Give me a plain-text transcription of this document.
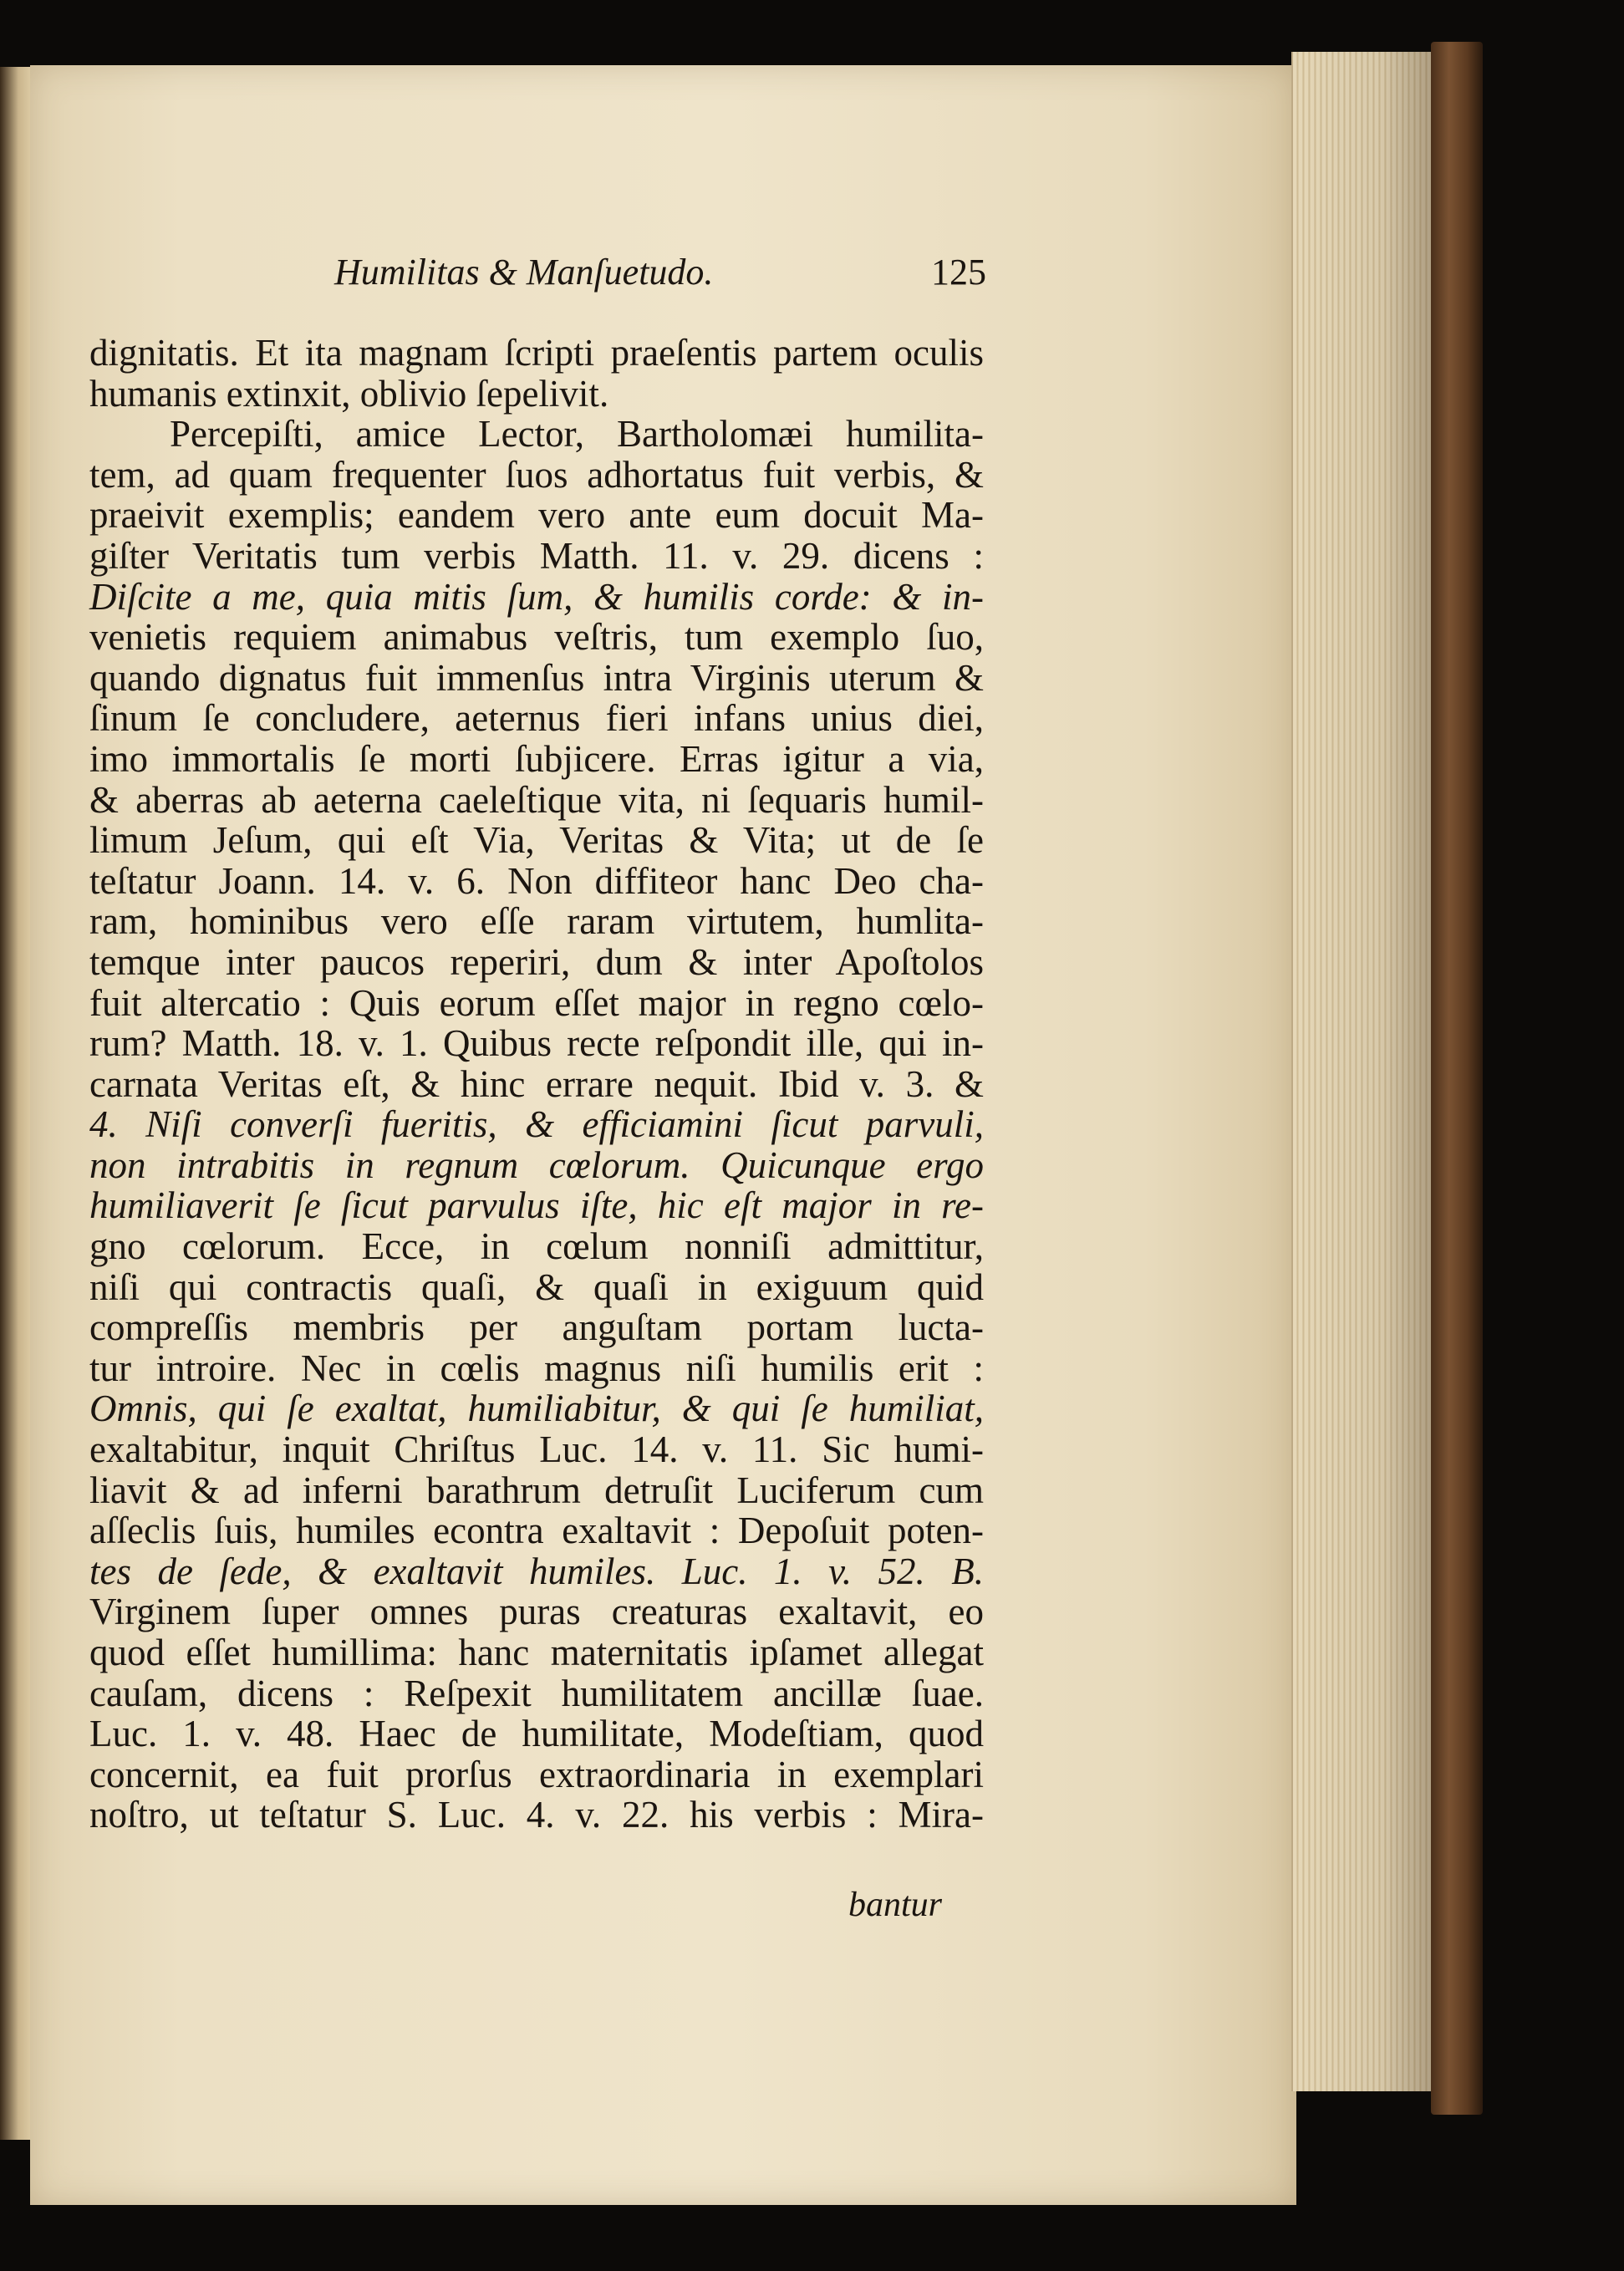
Humilitas & Manſuetudo.	125
dignitatis. Et ita magnam ſcripti praeſentis partem oculis
humanis extinxit, oblivio ſepelivit.
Percepiſti, amice Lector, Bartholomæi humilita-
tem, ad quam frequenter ſuos adhortatus fuit verbis, &
praeivit exemplis; eandem vero ante eum docuit Ma-
giſter Veritatis tum verbis Matth. 11. v. 29. dicens :
Diſcite a me, quia mitis ſum, & humilis corde: & in-
venietis requiem animabus veſtris, tum exemplo ſuo,
quando dignatus fuit immenſus intra Virginis uterum &
ſinum ſe concludere, aeternus fieri infans unius diei,
imo immortalis ſe morti ſubjicere. Erras igitur a via,
& aberras ab aeterna caeleſtique vita, ni ſequaris humil-
limum Jeſum, qui eſt Via, Veritas & Vita; ut de ſe
teſtatur Joann. 14. v. 6. Non diffiteor hanc Deo cha-
ram, hominibus vero eſſe raram virtutem, humlita-
temque inter paucos reperiri, dum & inter Apoſtolos
fuit altercatio : Quis eorum eſſet major in regno cœlo-
rum? Matth. 18. v. 1. Quibus recte reſpondit ille, qui in-
carnata Veritas eſt, & hinc errare nequit. Ibid v. 3. &
4. Niſi converſi fueritis, & efficiamini ſicut parvuli,
non intrabitis in regnum cœlorum. Quicunque ergo
humiliaverit ſe ſicut parvulus iſte, hic eſt major in re-
gno cœlorum. Ecce, in cœlum nonniſi admittitur,
niſi qui contractis quaſi, & quaſi in exiguum quid
compreſſis membris per anguſtam portam lucta-
tur introire. Nec in cœlis magnus niſi humilis erit :
Omnis, qui ſe exaltat, humiliabitur, & qui ſe humiliat,
exaltabitur, inquit Chriſtus Luc. 14. v. 11. Sic humi-
liavit & ad inferni barathrum detruſit Luciferum cum
aſſeclis ſuis, humiles econtra exaltavit : Depoſuit poten-
tes de ſede, & exaltavit humiles. Luc. 1. v. 52. B.
Virginem ſuper omnes puras creaturas exaltavit, eo
quod eſſet humillima: hanc maternitatis ipſamet allegat
cauſam, dicens : Reſpexit humilitatem ancillæ ſuae.
Luc. 1. v. 48. Haec de humilitate, Modeſtiam, quod
concernit, ea fuit prorſus extraordinaria in exemplari
noſtro, ut teſtatur S. Luc. 4. v. 22. his verbis : Mira-
bantur
